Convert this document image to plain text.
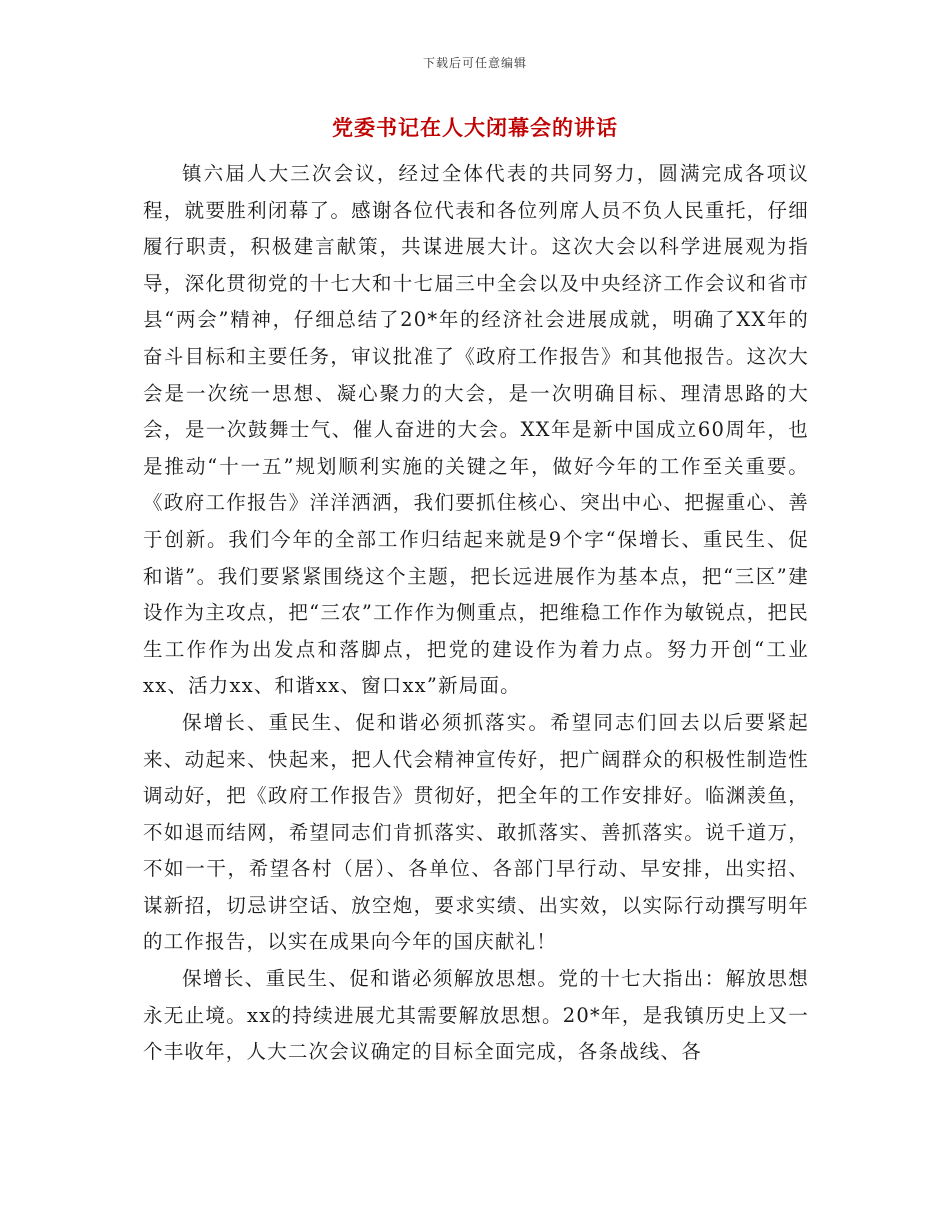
下载后可任意编辑
党委书记在人大闭幕会的讲话

镇六届人大三次会议，经过全体代表的共同努力，圆满完成各项议程，就要胜利闭幕了。感谢各位代表和各位列席人员不负人民重托，仔细履行职责，积极建言献策，共谋进展大计。这次大会以科学进展观为指导，深化贯彻党的十七大和十七届三中全会以及中央经济工作会议和省市县“两会”精神，仔细总结了20*年的经济社会进展成就，明确了XX年的奋斗目标和主要任务，审议批准了《政府工作报告》和其他报告。这次大会是一次统一思想、凝心聚力的大会，是一次明确目标、理清思路的大会，是一次鼓舞士气、催人奋进的大会。XX年是新中国成立60周年，也是推动“十一五”规划顺利实施的关键之年，做好今年的工作至关重要。《政府工作报告》洋洋洒洒，我们要抓住核心、突出中心、把握重心、善于创新。我们今年的全部工作归结起来就是9个字“保增长、重民生、促和谐”。我们要紧紧围绕这个主题，把长远进展作为基本点，把“三区”建设作为主攻点，把“三农”工作作为侧重点，把维稳工作作为敏锐点，把民生工作作为出发点和落脚点，把党的建设作为着力点。努力开创“工业xx、活力xx、和谐xx、窗口xx”新局面。

保增长、重民生、促和谐必须抓落实。希望同志们回去以后要紧起来、动起来、快起来，把人代会精神宣传好，把广阔群众的积极性制造性调动好，把《政府工作报告》贯彻好，把全年的工作安排好。临渊羡鱼，不如退而结网，希望同志们肯抓落实、敢抓落实、善抓落实。说千道万，不如一干，希望各村（居）、各单位、各部门早行动、早安排，出实招、谋新招，切忌讲空话、放空炮，要求实绩、出实效，以实际行动撰写明年的工作报告，以实在成果向今年的国庆献礼！

保增长、重民生、促和谐必须解放思想。党的十七大指出：解放思想永无止境。xx的持续进展尤其需要解放思想。20*年，是我镇历史上又一个丰收年，人大二次会议确定的目标全面完成，各条战线、各
